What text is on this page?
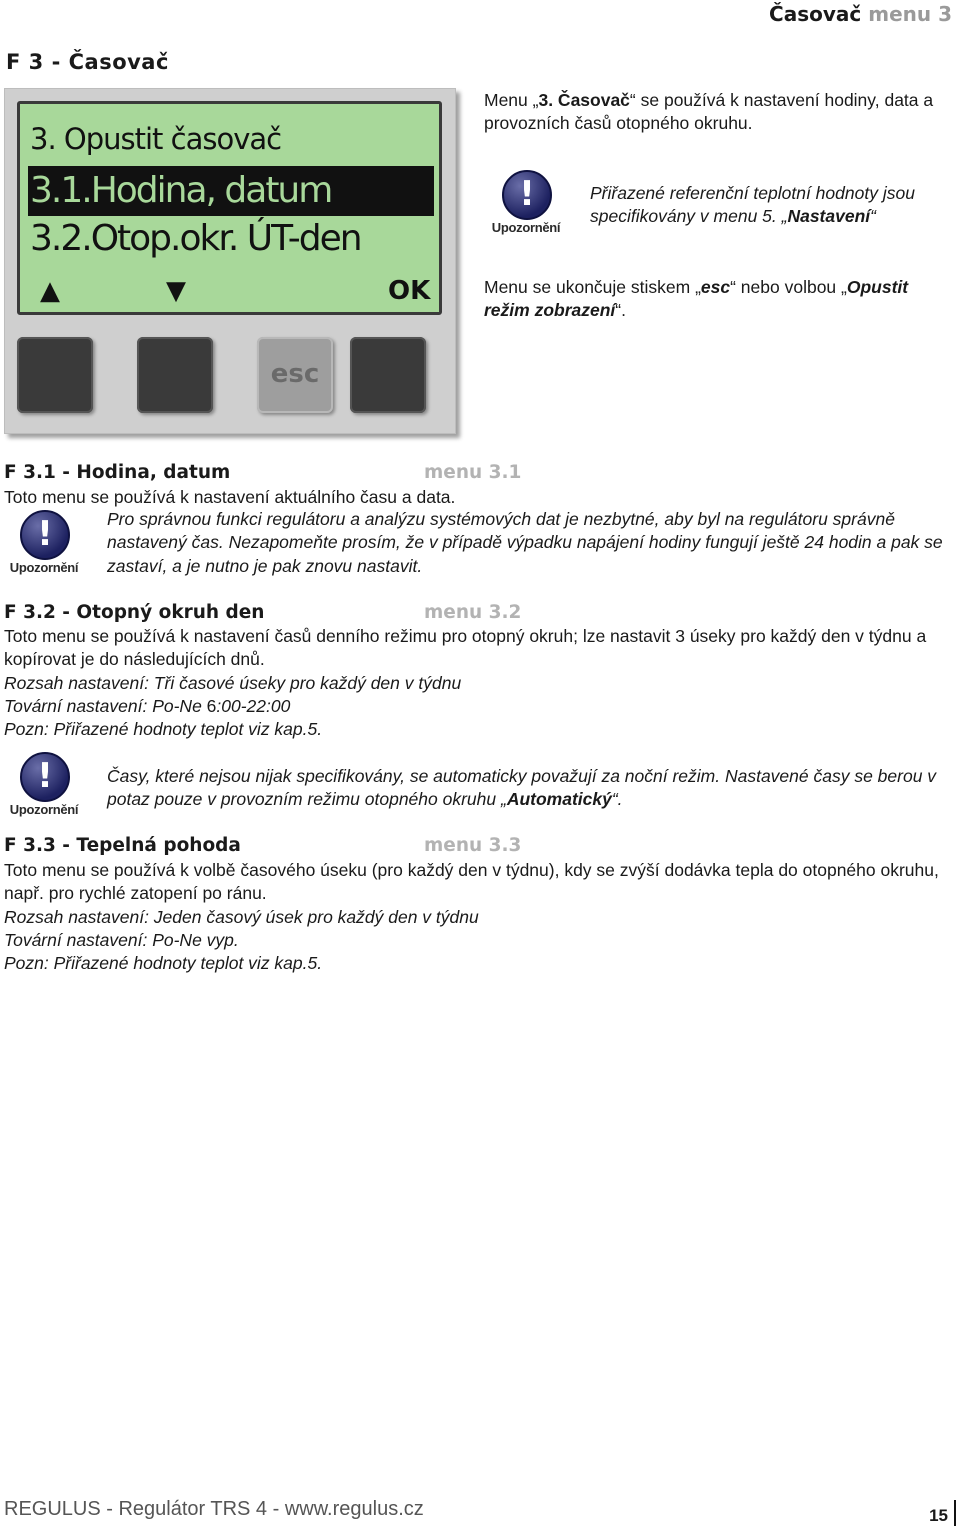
Časovač menu 3
F 3 - Časovač
3. Opustit časovač
3.1.Hodina, datum
3.2.Otop.okr. ÚT-den
▲	▼	OK
esc
Menu „3. Časovač“ se používá k nastavení hodiny, data a provozních časů otopného okruhu.
!
Upozornění
Přiřazené referenční teplotní hodnoty jsou specifikovány v menu 5. „Nastavení“
Menu se ukončuje stiskem „esc“ nebo volbou „Opustit režim zobrazení“.
F 3.1 - Hodina, datum	menu 3.1
Toto menu se používá k nastavení aktuálního času a data.
!
Upozornění
Pro správnou funkci regulátoru a analýzu systémových dat je nezbytné, aby byl na regulátoru správně nastavený čas. Nezapomeňte prosím, že v případě výpadku napájení hodiny fungují ještě 24 hodin a pak se zastaví, a je nutno je pak znovu nastavit.
F 3.2 - Otopný okruh den	menu 3.2
Toto menu se používá k nastavení časů denního režimu pro otopný okruh; lze nastavit 3 úseky pro každý den v týdnu a kopírovat je do následujících dnů.
Rozsah nastavení: Tři časové úseky pro každý den v týdnu
Tovární nastavení: Po-Ne 6:00-22:00
Pozn: Přiřazené hodnoty teplot viz kap.5.
!
Upozornění
Časy, které nejsou nijak specifikovány, se automaticky považují za noční režim. Nastavené časy se berou v potaz pouze v provozním režimu otopného okruhu „Automatický“.
F 3.3 - Tepelná pohoda	menu 3.3
Toto menu se používá k volbě časového úseku (pro každý den v týdnu), kdy se zvýší dodávka tepla do otopného okruhu, např. pro rychlé zatopení po ránu.
Rozsah nastavení: Jeden časový úsek pro každý den v týdnu
Tovární nastavení: Po-Ne vyp.
Pozn: Přiřazené hodnoty teplot viz kap.5.
REGULUS - Regulátor TRS 4 - www.regulus.cz	15
